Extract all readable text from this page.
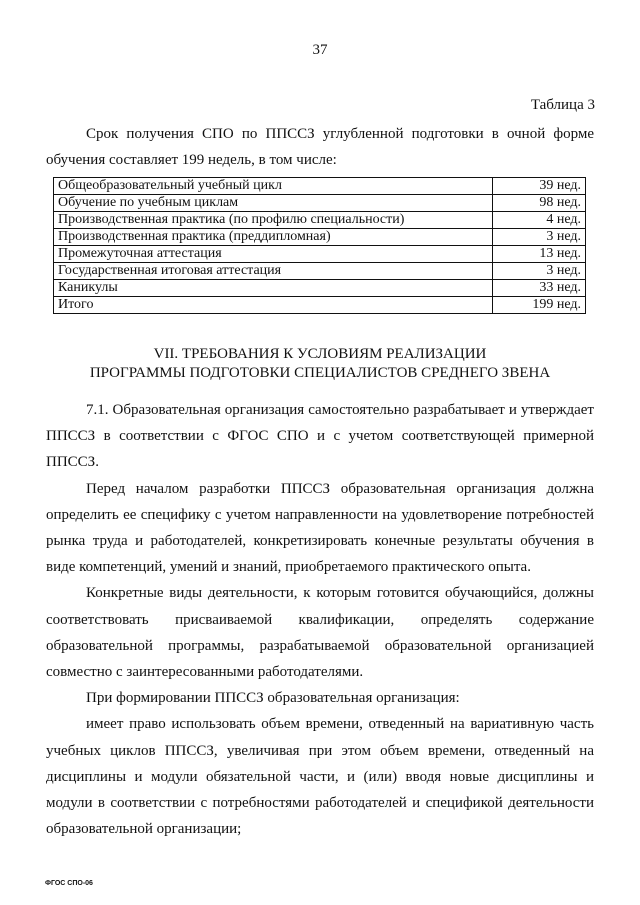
37
Таблица 3
Срок получения СПО по ППССЗ углубленной подготовки в очной форме обучения составляет 199 недель, в том числе:
Общеобразовательный учебный цикл	39 нед.
Обучение по учебным циклам	98 нед.
Производственная практика (по профилю специальности)	4 нед.
Производственная практика (преддипломная)	3 нед.
Промежуточная аттестация	13 нед.
Государственная итоговая аттестация	3 нед.
Каникулы	33 нед.
Итого	199 нед.
VII. ТРЕБОВАНИЯ К УСЛОВИЯМ РЕАЛИЗАЦИИ
ПРОГРАММЫ ПОДГОТОВКИ СПЕЦИАЛИСТОВ СРЕДНЕГО ЗВЕНА

7.1. Образовательная организация самостоятельно разрабатывает и утверждает ППССЗ в соответствии с ФГОС СПО и с учетом соответствующей примерной ППССЗ.

Перед началом разработки ППССЗ образовательная организация должна определить ее специфику с учетом направленности на удовлетворение потребностей рынка труда и работодателей, конкретизировать конечные результаты обучения в виде компетенций, умений и знаний, приобретаемого практического опыта.

Конкретные виды деятельности, к которым готовится обучающийся, должны соответствовать присваиваемой квалификации, определять содержание образовательной программы, разрабатываемой образовательной организацией совместно с заинтересованными работодателями.

При формировании ППССЗ образовательная организация:

имеет право использовать объем времени, отведенный на вариативную часть учебных циклов ППССЗ, увеличивая при этом объем времени, отведенный на дисциплины и модули обязательной части, и (или) вводя новые дисциплины и модули в соответствии с потребностями работодателей и спецификой деятельности образовательной организации;

ФГОС СПО-06
